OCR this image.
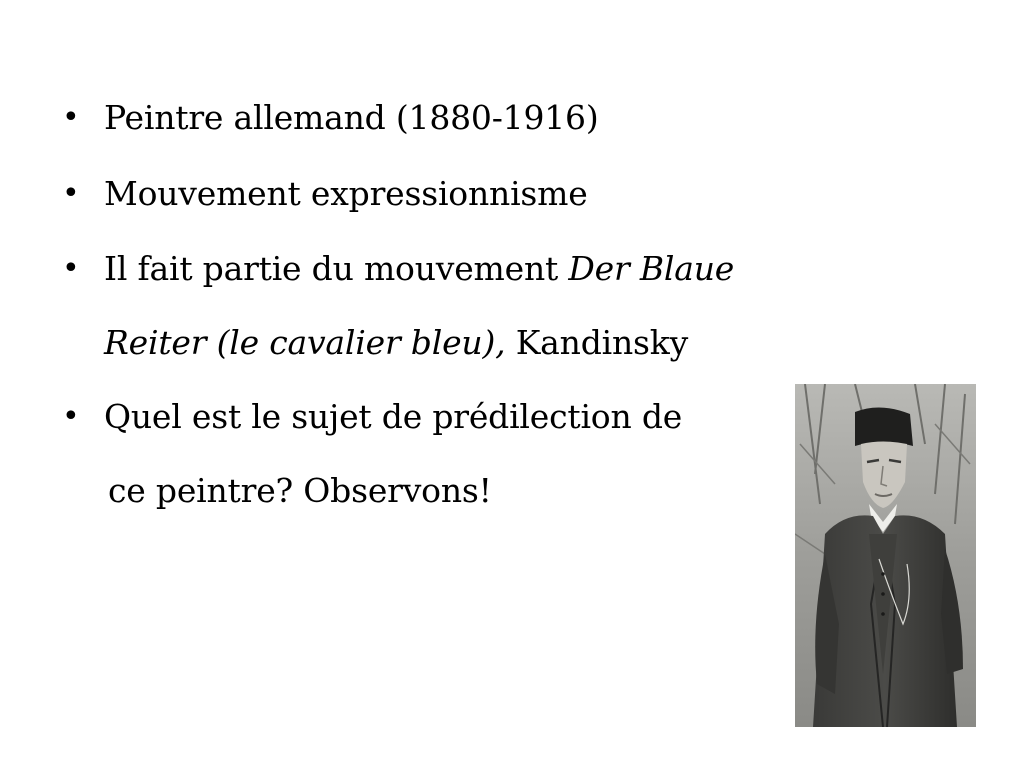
• Peintre allemand (1880-1916)
• Mouvement expressionnisme
• Il fait partie du mouvement Der Blaue
Reiter (le cavalier bleu), Kandinsky
• Quel est le sujet de prédilection de
ce peintre? Observons!
